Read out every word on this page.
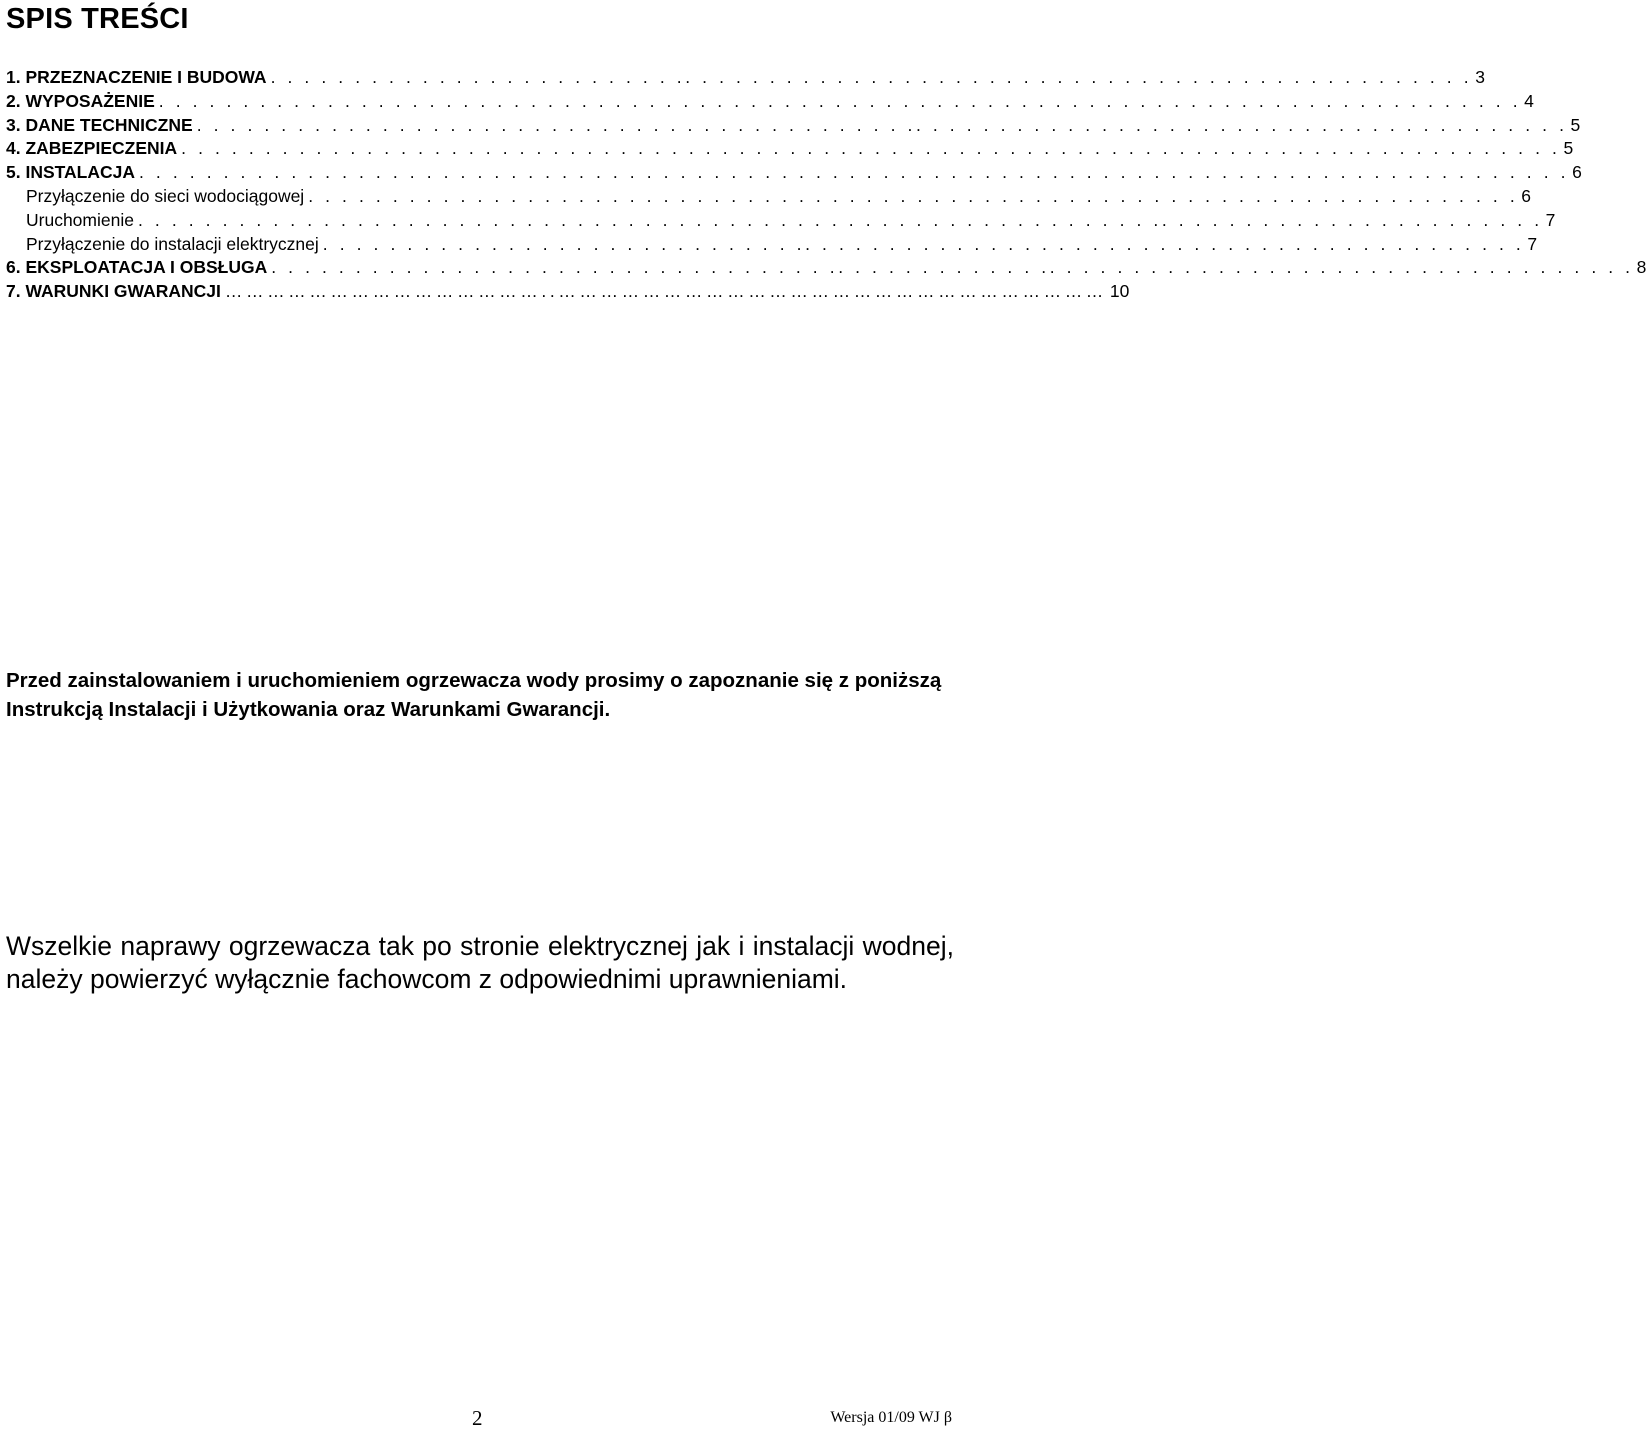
SPIS TREŚCI
1. PRZEZNACZENIE I BUDOWA . . . . . . . . . . . . . . . . . . . . . . . . .. . . . . . . . . . . . . . . . . . . . . . . . . . . . . . . . . . . . . . . . . . . . . . . 3
2. WYPOSAŻENIE . . . . . . . . . . . . . . . . . . . . . . . . . . . . . . . . . . . . . . . . . . . . . . . . . . . . . . . . . . . . . . . . . . . . . . . . . . . . . . . . . 4
3. DANE TECHNICZNE . . . . . . . . . . . . . . . . . . . . . . . . . . . . . . . . . . . . . . . . . . .. . . . . . . . . . . . . . . . . . . . . . . . . . . . . . . . . . . . . . . 5
4. ZABEZPIECZENIA . . . . . . . . . . . . . . . . . . . . . . . . . . . . . . . . . . . . . . . . . . . . . . . . . . . . . . . . . . . . . . . . . . . . . . . . . . . . . . . . . . 5
5. INSTALACJA . . . . . . . . . . . . . . . . . . . . . . . . . . . . . . . . . . . . . . . . . . . . . . . . . . . . . . . . . . . . . . . . . . . . . . . . . . . . . . . . . . . . . 6
Przyłączenie do sieci wodociągowej . . . . . . . . . . . . . . . . . . . . . . . . . . . . . . . . . . . . . . . . . . . . . . . . . . . . . . . . . . . . . . . . . . . . . . . . 6
Uruchomienie . . . . . . . . . . . . . . . . . . . . . . . . . . . . . . . . . . . . . . . . . . . . . . . . . . . . . . . . . . . . .. . . . . . . . . . . . . . . . . . . . . . . 7
Przyłączenie do instalacji elektrycznej . . . . . . . . . . . . . . . . . . . . . . . . . . . . .. . . . . . . . . . . . . . . . . . . . . . . . . . . . . . . . . . . . . . . . . . . 7
6. EKSPLOATACJA I OBSŁUGA . . . . . . . . . . . . . . . . . . . . . . . . . . . . . . . . . .. . . . . . . . . . . . .. . . . . . . . . . . . . . . . . . . . . . . . . . . . . . . . . . . 8
7. WARUNKI GWARANCJI ………………………………………..…………………………………………………………………… 10

Przed zainstalowaniem i uruchomieniem ogrzewacza wody prosimy o zapoznanie się z poniższą Instrukcją Instalacji i Użytkowania oraz Warunkami Gwarancji.

Wszelkie naprawy ogrzewacza tak po stronie elektrycznej jak i instalacji wodnej, należy powierzyć wyłącznie fachowcom z odpowiednimi uprawnieniami.

2	Wersja 01/09 WJ β
